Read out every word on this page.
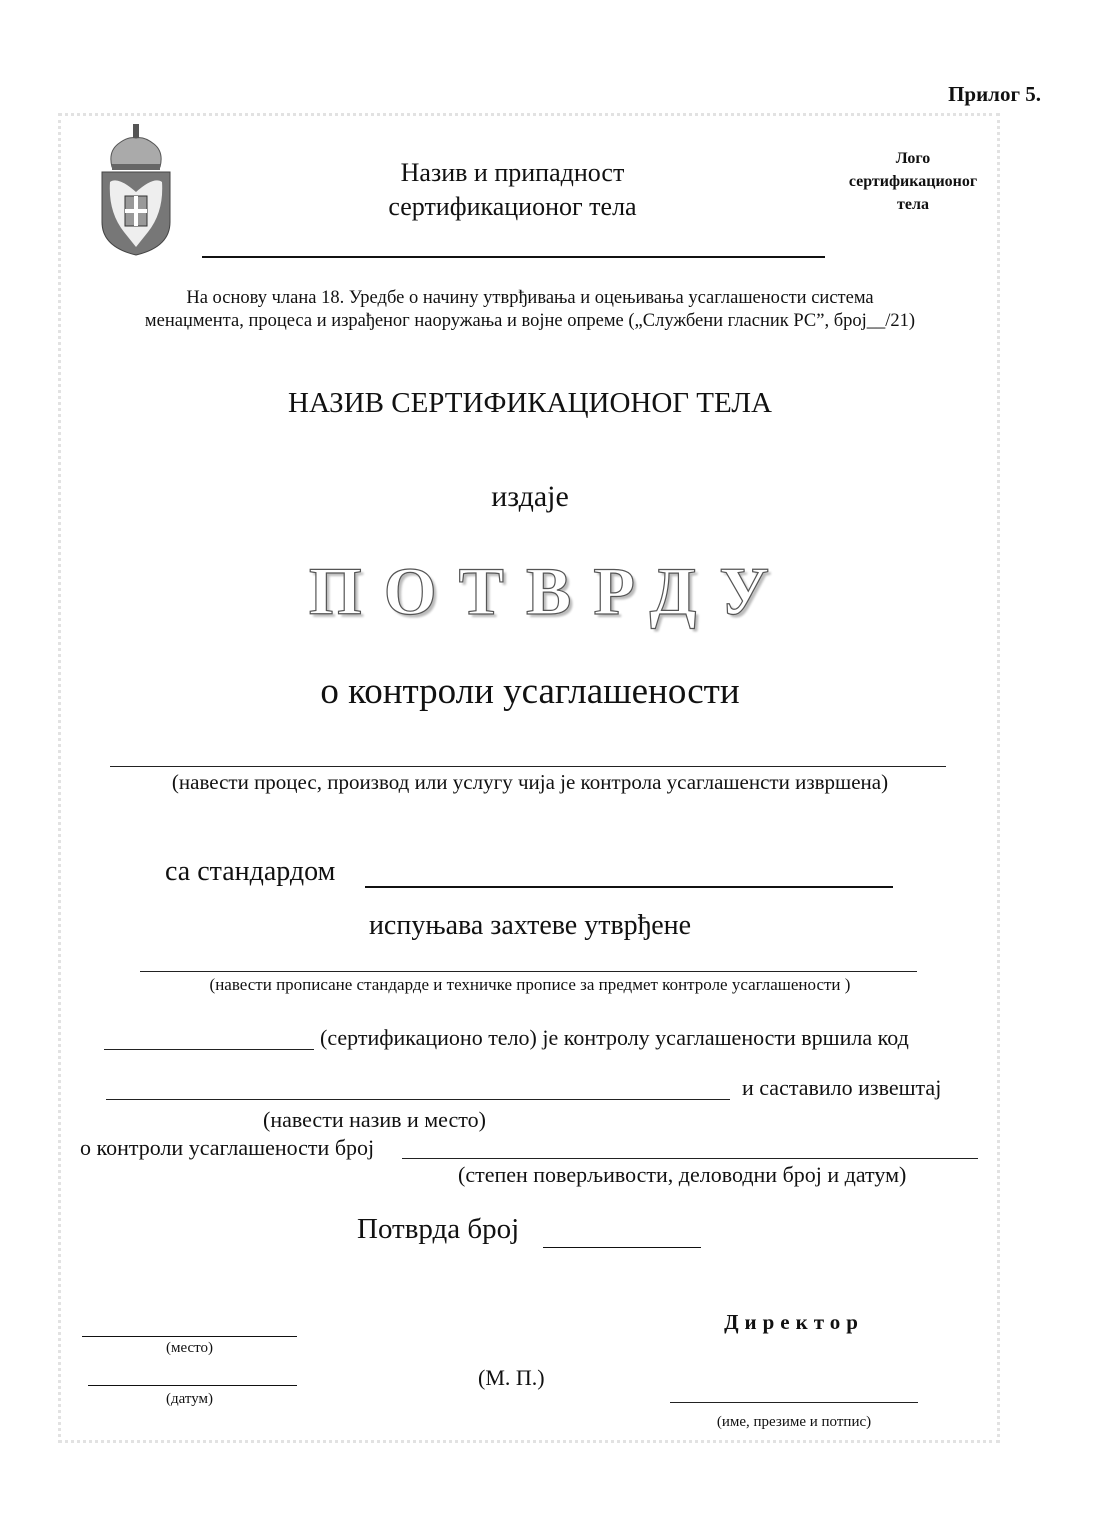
Прилог 5.
Назив и припадност
сертификационог тела
Лого
сертификационог
тела
На основу члана 18. Уредбе о начину утврђивања и оцењивања усаглашености система
менаџмента, процеса и израђеног наоружања и војне опреме („Службени гласник РС”, број__/21)
НАЗИВ СЕРТИФИКАЦИОНОГ ТЕЛА
издаје
ПОТВРДУ
о контроли усаглашености
(навести процес, производ или услугу чија је контрола усаглашенсти извршена)
са стандардом
испуњава захтеве утврђене
(навести прописане стандарде и техничке прописе за предмет контроле усаглашености )
(сертификационо тело) је контролу усаглашености вршила код
и саставило извештај
(навести назив и место)
о контроли усаглашености број
(степен поверљивости, деловодни број и датум)
Потврда број
(место)
(датум)
(М. П.)
Директор
(име, презиме и потпис)
